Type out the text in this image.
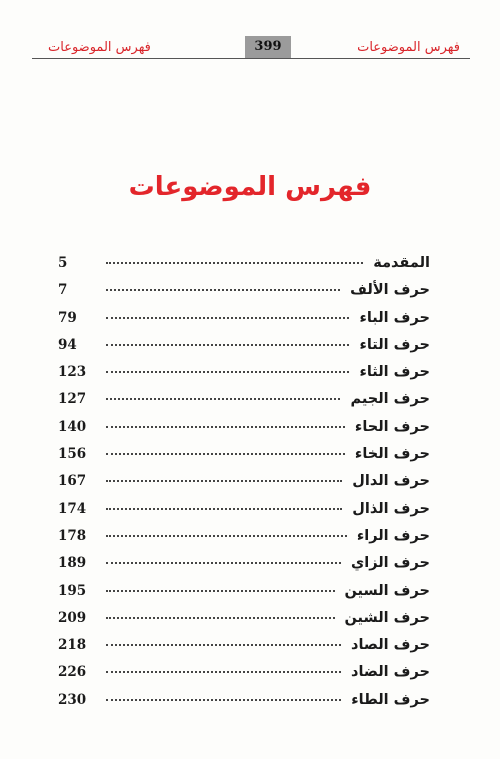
فهرس الموضوعات	399	فهرس الموضوعات
فهرس الموضوعات
5	المقدمة
7	حرف الألف
79	حرف الباء
94	حرف التاء
123	حرف الثاء
127	حرف الجيم
140	حرف الحاء
156	حرف الخاء
167	حرف الدال
174	حرف الذال
178	حرف الراء
189	حرف الزاي
195	حرف السين
209	حرف الشين
218	حرف الصاد
226	حرف الضاد
230	حرف الطاء
